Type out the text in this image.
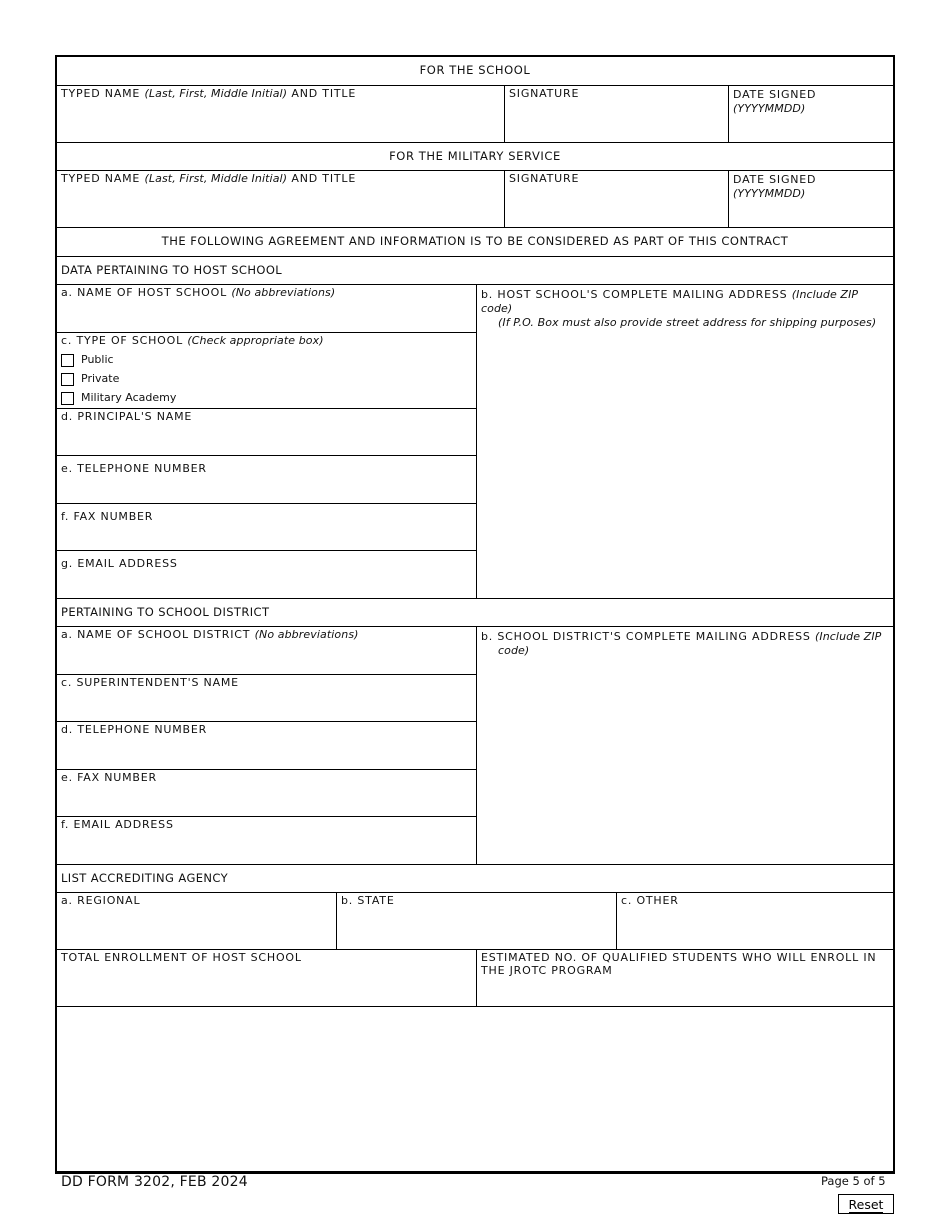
FOR THE SCHOOL
TYPED NAME (Last, First, Middle Initial) AND TITLE	SIGNATURE	DATE SIGNED
(YYYYMMDD)
FOR THE MILITARY SERVICE
TYPED NAME (Last, First, Middle Initial) AND TITLE	SIGNATURE	DATE SIGNED
(YYYYMMDD)
THE FOLLOWING AGREEMENT AND INFORMATION IS TO BE CONSIDERED AS PART OF THIS CONTRACT
DATA PERTAINING TO HOST SCHOOL
a. NAME OF HOST SCHOOL (No abbreviations)
c. TYPE OF SCHOOL (Check appropriate box)
Public
Private
Military Academy
d. PRINCIPAL'S NAME
e. TELEPHONE NUMBER
f. FAX NUMBER
g. EMAIL ADDRESS
b. HOST SCHOOL'S COMPLETE MAILING ADDRESS (Include ZIP code)
(If P.O. Box must also provide street address for shipping purposes)
PERTAINING TO SCHOOL DISTRICT
a. NAME OF SCHOOL DISTRICT (No abbreviations)
c. SUPERINTENDENT'S NAME
d. TELEPHONE NUMBER
e. FAX NUMBER
f. EMAIL ADDRESS
b. SCHOOL DISTRICT'S COMPLETE MAILING ADDRESS (Include ZIP
code)
LIST ACCREDITING AGENCY
a. REGIONAL	b. STATE	c. OTHER
TOTAL ENROLLMENT OF HOST SCHOOL	ESTIMATED NO. OF QUALIFIED STUDENTS WHO WILL ENROLL IN THE JROTC PROGRAM
DD FORM 3202, FEB 2024	Page 5 of 5
Reset
